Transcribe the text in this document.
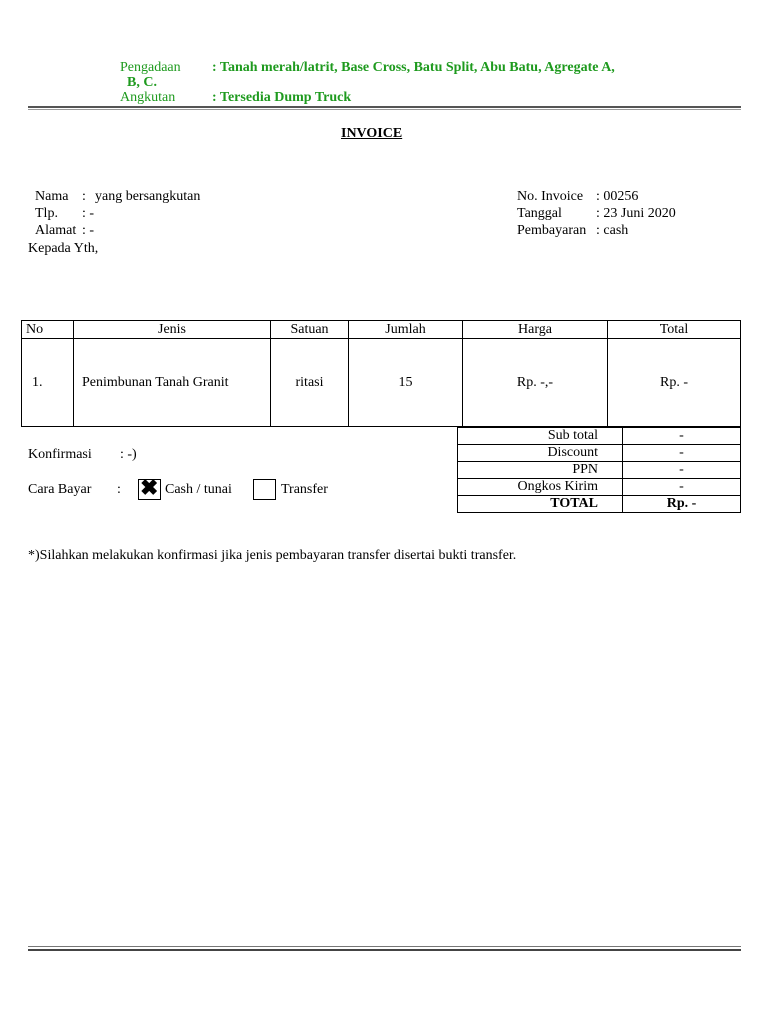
Pengadaan : Tanah merah/latrit, Base Cross, Batu Split, Abu Batu, Agregate A,
B, C.
Angkutan	: Tersedia Dump Truck
INVOICE
Nama : yang bersangkutan
Tlp. : -
Alamat : -
Kepada Yth,
No. Invoice : 00256
Tanggal : 23 Juni 2020
Pembayaran : cash
No	Jenis	Satuan	Jumlah	Harga	Total
1.	Penimbunan Tanah Granit	ritasi	15	Rp. -,-	Rp. -
Sub total	-
Discount	-
PPN	-
Ongkos Kirim	-
TOTAL	Rp. -
Konfirmasi : -)
Cara Bayar : ✖ Cash / tunai	Transfer
*)Silahkan melakukan konfirmasi jika jenis pembayaran transfer disertai bukti transfer.
